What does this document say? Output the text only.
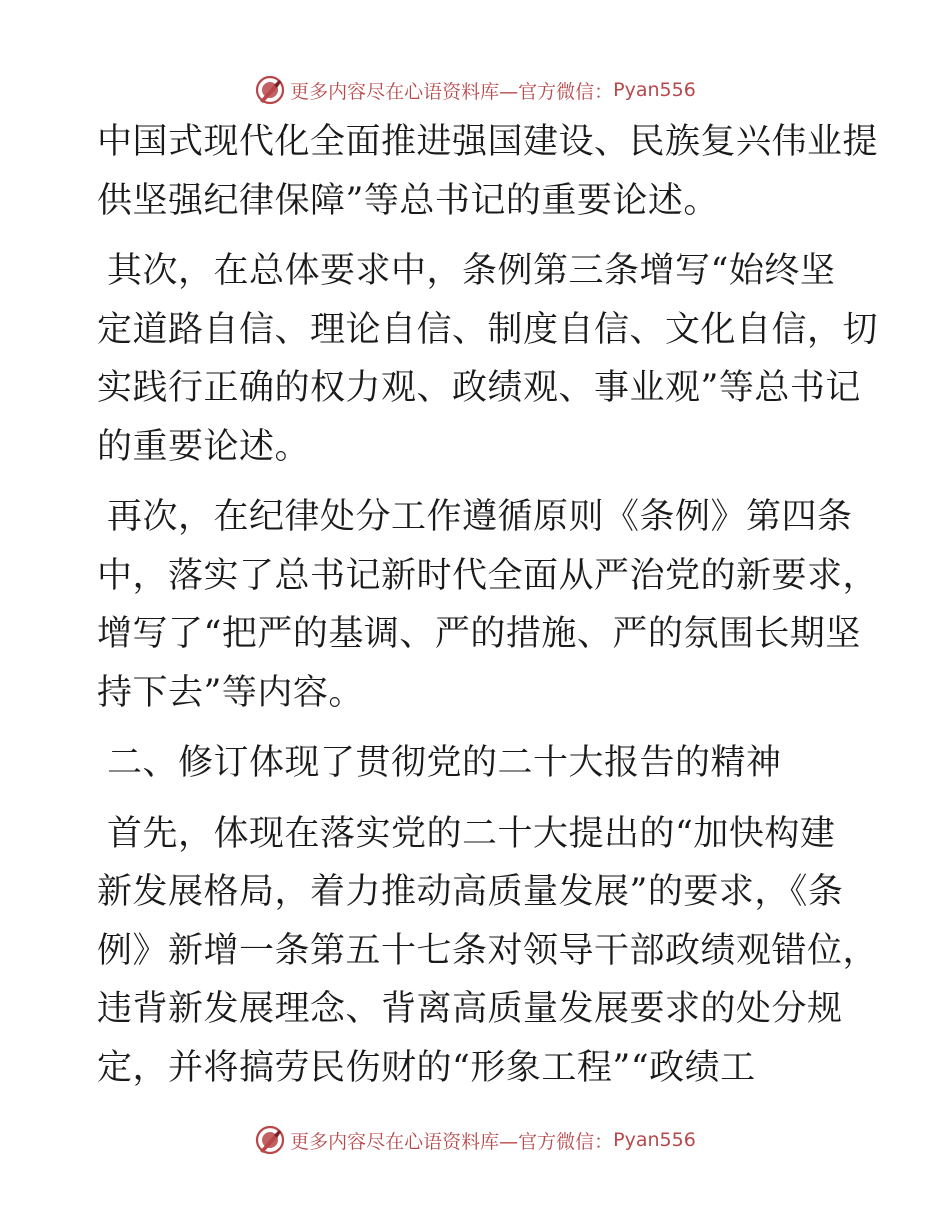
更多内容尽在心语资料库—官方微信： Pyan556

中国式现代化全面推进强国建设、民族复兴伟业提
供坚强纪律保障”等总书记的重要论述。

其次，在总体要求中，条例第三条增写“始终坚
定道路自信、理论自信、制度自信、文化自信，切
实践行正确的权力观、政绩观、事业观”等总书记
的重要论述。

再次，在纪律处分工作遵循原则《条例》第四条
中，落实了总书记新时代全面从严治党的新要求，
增写了“把严的基调、严的措施、严的氛围长期坚
持下去”等内容。

二、修订体现了贯彻党的二十大报告的精神

首先，体现在落实党的二十大提出的“加快构建
新发展格局，着力推动高质量发展”的要求，《条
例》新增一条第五十七条对领导干部政绩观错位，
违背新发展理念、背离高质量发展要求的处分规
定，并将搞劳民伤财的“形象工程”“政绩工

更多内容尽在心语资料库—官方微信： Pyan556
